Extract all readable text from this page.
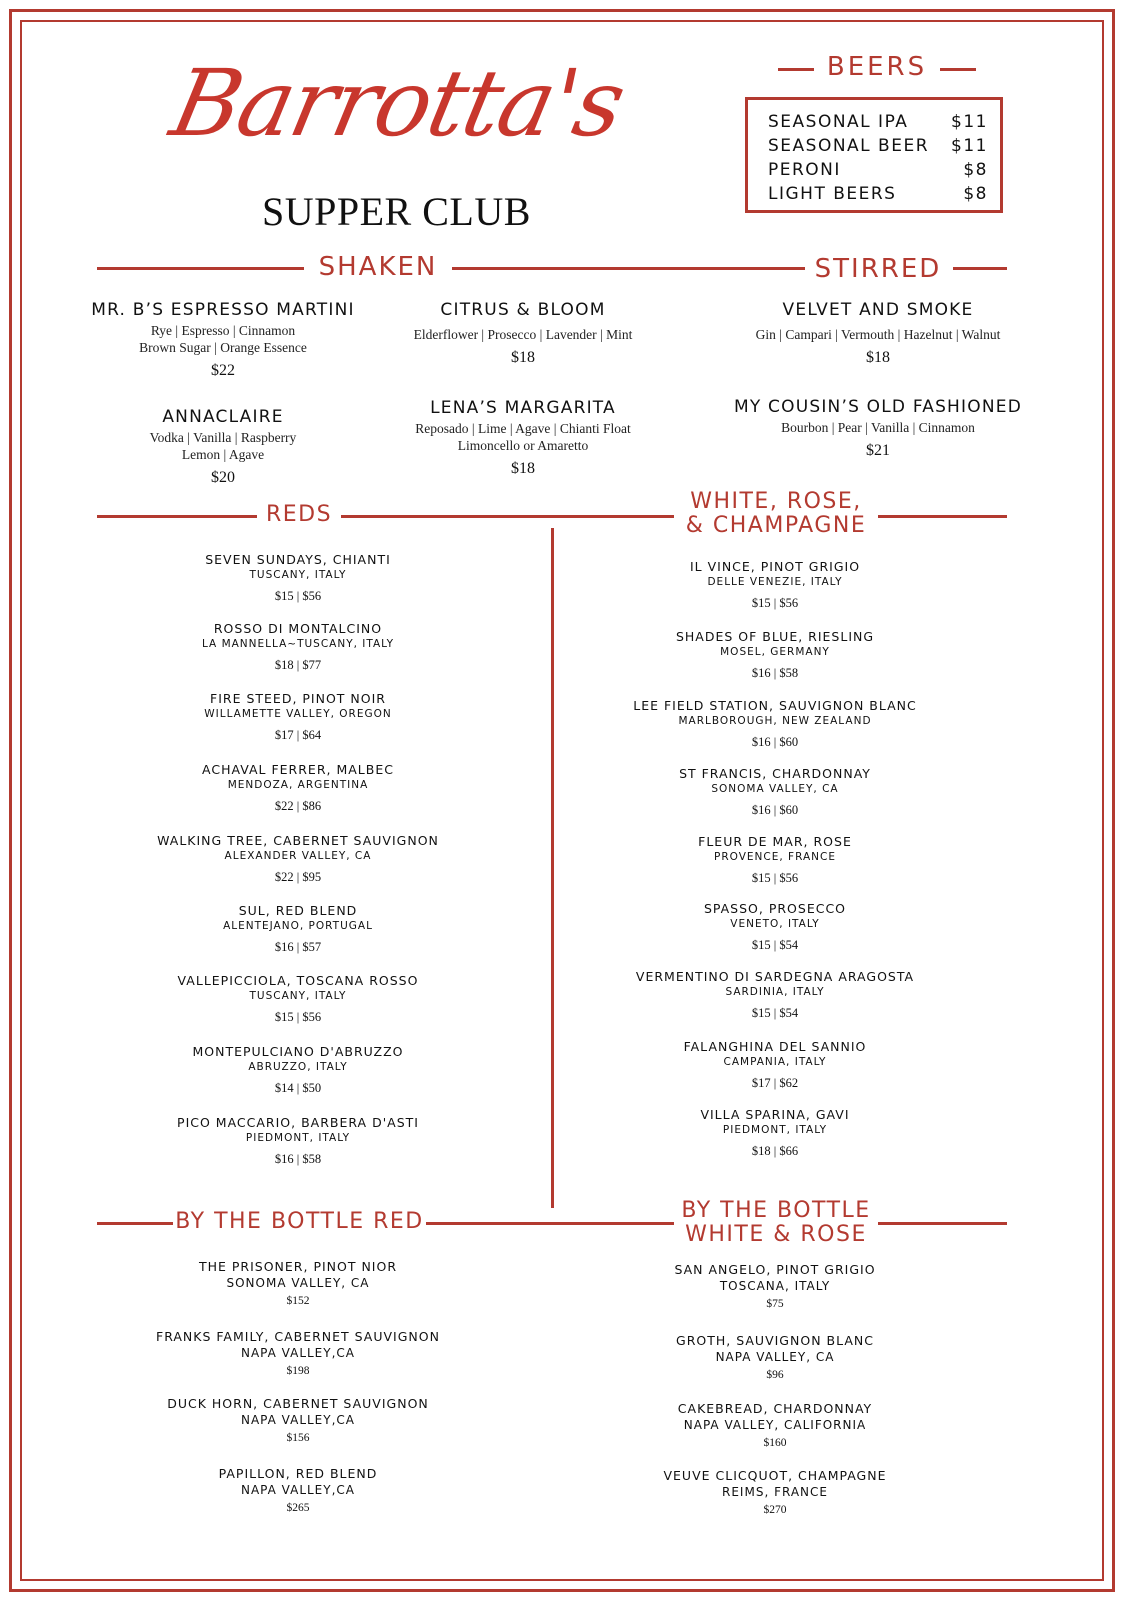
Barrotta's
SUPPER CLUB
BEERS
SEASONAL IPA	$11
SEASONAL BEER $11
PERONI	$8
LIGHT BEERS	$8
SHAKEN	STIRRED
MR. B’S ESPRESSO MARTINI
Rye | Espresso | Cinnamon
Brown Sugar | Orange Essence
$22
CITRUS & BLOOM
Elderflower | Prosecco | Lavender | Mint
$18
ANNACLAIRE
Vodka | Vanilla | Raspberry
Lemon | Agave
$20
LENA’S MARGARITA
Reposado | Lime | Agave | Chianti Float
Limoncello or Amaretto
$18
VELVET AND SMOKE
Gin | Campari | Vermouth | Hazelnut | Walnut
$18
MY COUSIN’S OLD FASHIONED
Bourbon | Pear | Vanilla | Cinnamon
$21
REDS
WHITE, ROSE,
& CHAMPAGNE
SEVEN SUNDAYS, CHIANTI
TUSCANY, ITALY
$15 | $56
ROSSO DI MONTALCINO
LA MANNELLA~TUSCANY, ITALY
$18 | $77
FIRE STEED, PINOT NOIR
WILLAMETTE VALLEY, OREGON
$17 | $64
ACHAVAL FERRER, MALBEC
MENDOZA, ARGENTINA
$22 | $86
WALKING TREE, CABERNET SAUVIGNON
ALEXANDER VALLEY, CA
$22 | $95
SUL, RED BLEND
ALENTEJANO, PORTUGAL
$16 | $57
VALLEPICCIOLA, TOSCANA ROSSO
TUSCANY, ITALY
$15 | $56
MONTEPULCIANO D'ABRUZZO
ABRUZZO, ITALY
$14 | $50
PICO MACCARIO, BARBERA D'ASTI
PIEDMONT, ITALY
$16 | $58
IL VINCE, PINOT GRIGIO
DELLE VENEZIE, ITALY
$15 | $56
SHADES OF BLUE, RIESLING
MOSEL, GERMANY
$16 | $58
LEE FIELD STATION, SAUVIGNON BLANC
MARLBOROUGH, NEW ZEALAND
$16 | $60
ST FRANCIS, CHARDONNAY
SONOMA VALLEY, CA
$16 | $60
FLEUR DE MAR, ROSE
PROVENCE, FRANCE
$15 | $56
SPASSO, PROSECCO
VENETO, ITALY
$15 | $54
VERMENTINO DI SARDEGNA ARAGOSTA
SARDINIA, ITALY
$15 | $54
FALANGHINA DEL SANNIO
CAMPANIA, ITALY
$17 | $62
VILLA SPARINA, GAVI
PIEDMONT, ITALY
$18 | $66
BY THE BOTTLE RED	BY THE BOTTLE
WHITE & ROSE
THE PRISONER, PINOT NIOR
SONOMA VALLEY, CA
$152
FRANKS FAMILY, CABERNET SAUVIGNON
NAPA VALLEY,CA
$198
DUCK HORN, CABERNET SAUVIGNON
NAPA VALLEY,CA
$156
PAPILLON, RED BLEND
NAPA VALLEY,CA
$265
SAN ANGELO, PINOT GRIGIO
TOSCANA, ITALY
$75
GROTH, SAUVIGNON BLANC
NAPA VALLEY, CA
$96
CAKEBREAD, CHARDONNAY
NAPA VALLEY, CALIFORNIA
$160
VEUVE CLICQUOT, CHAMPAGNE
REIMS, FRANCE
$270
